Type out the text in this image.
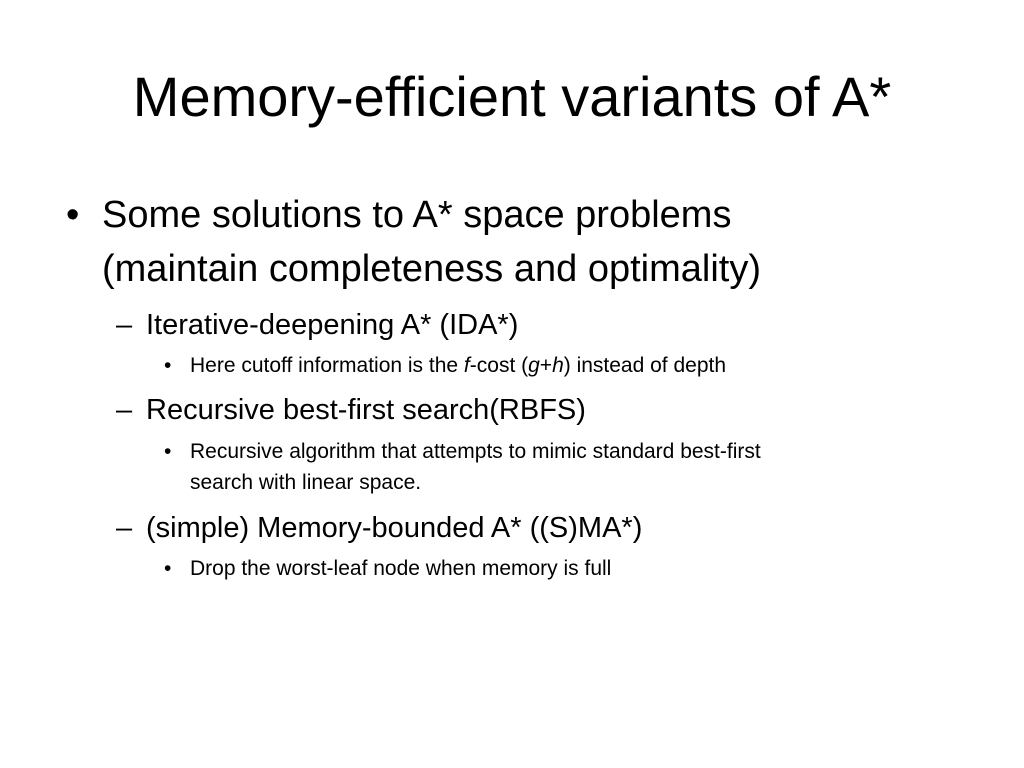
Memory-efficient variants of A*
• Some solutions to A* space problems
(maintain completeness and optimality)
– Iterative-deepening A* (IDA*)
• Here cutoff information is the f-cost (g+h) instead of depth
– Recursive best-first search(RBFS)
• Recursive algorithm that attempts to mimic standard best-first
search with linear space.
– (simple) Memory-bounded A* ((S)MA*)
• Drop the worst-leaf node when memory is full
